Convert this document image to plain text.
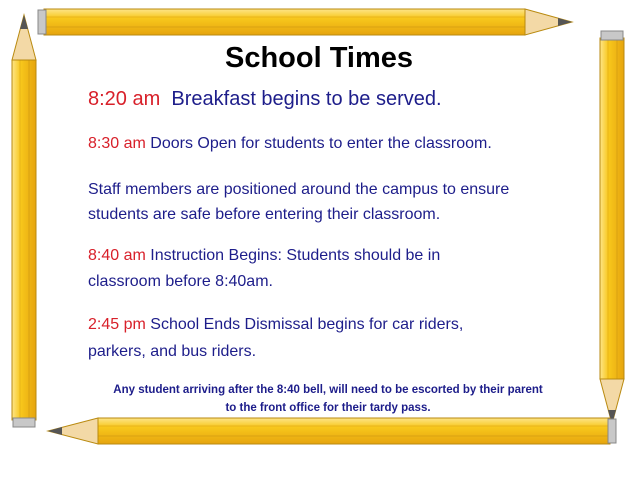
School Times
8:20 am Breakfast begins to be served.
8:30 am Doors Open for students to enter the classroom.
Staff members are positioned around the campus to ensure
students are safe before entering their classroom.
8:40 am Instruction Begins: Students should be in
classroom before 8:40am.
2:45 pm School Ends Dismissal begins for car riders,
parkers, and bus riders.
Any student arriving after the 8:40 bell, will need to be escorted by their parent
to the front office for their tardy pass.
